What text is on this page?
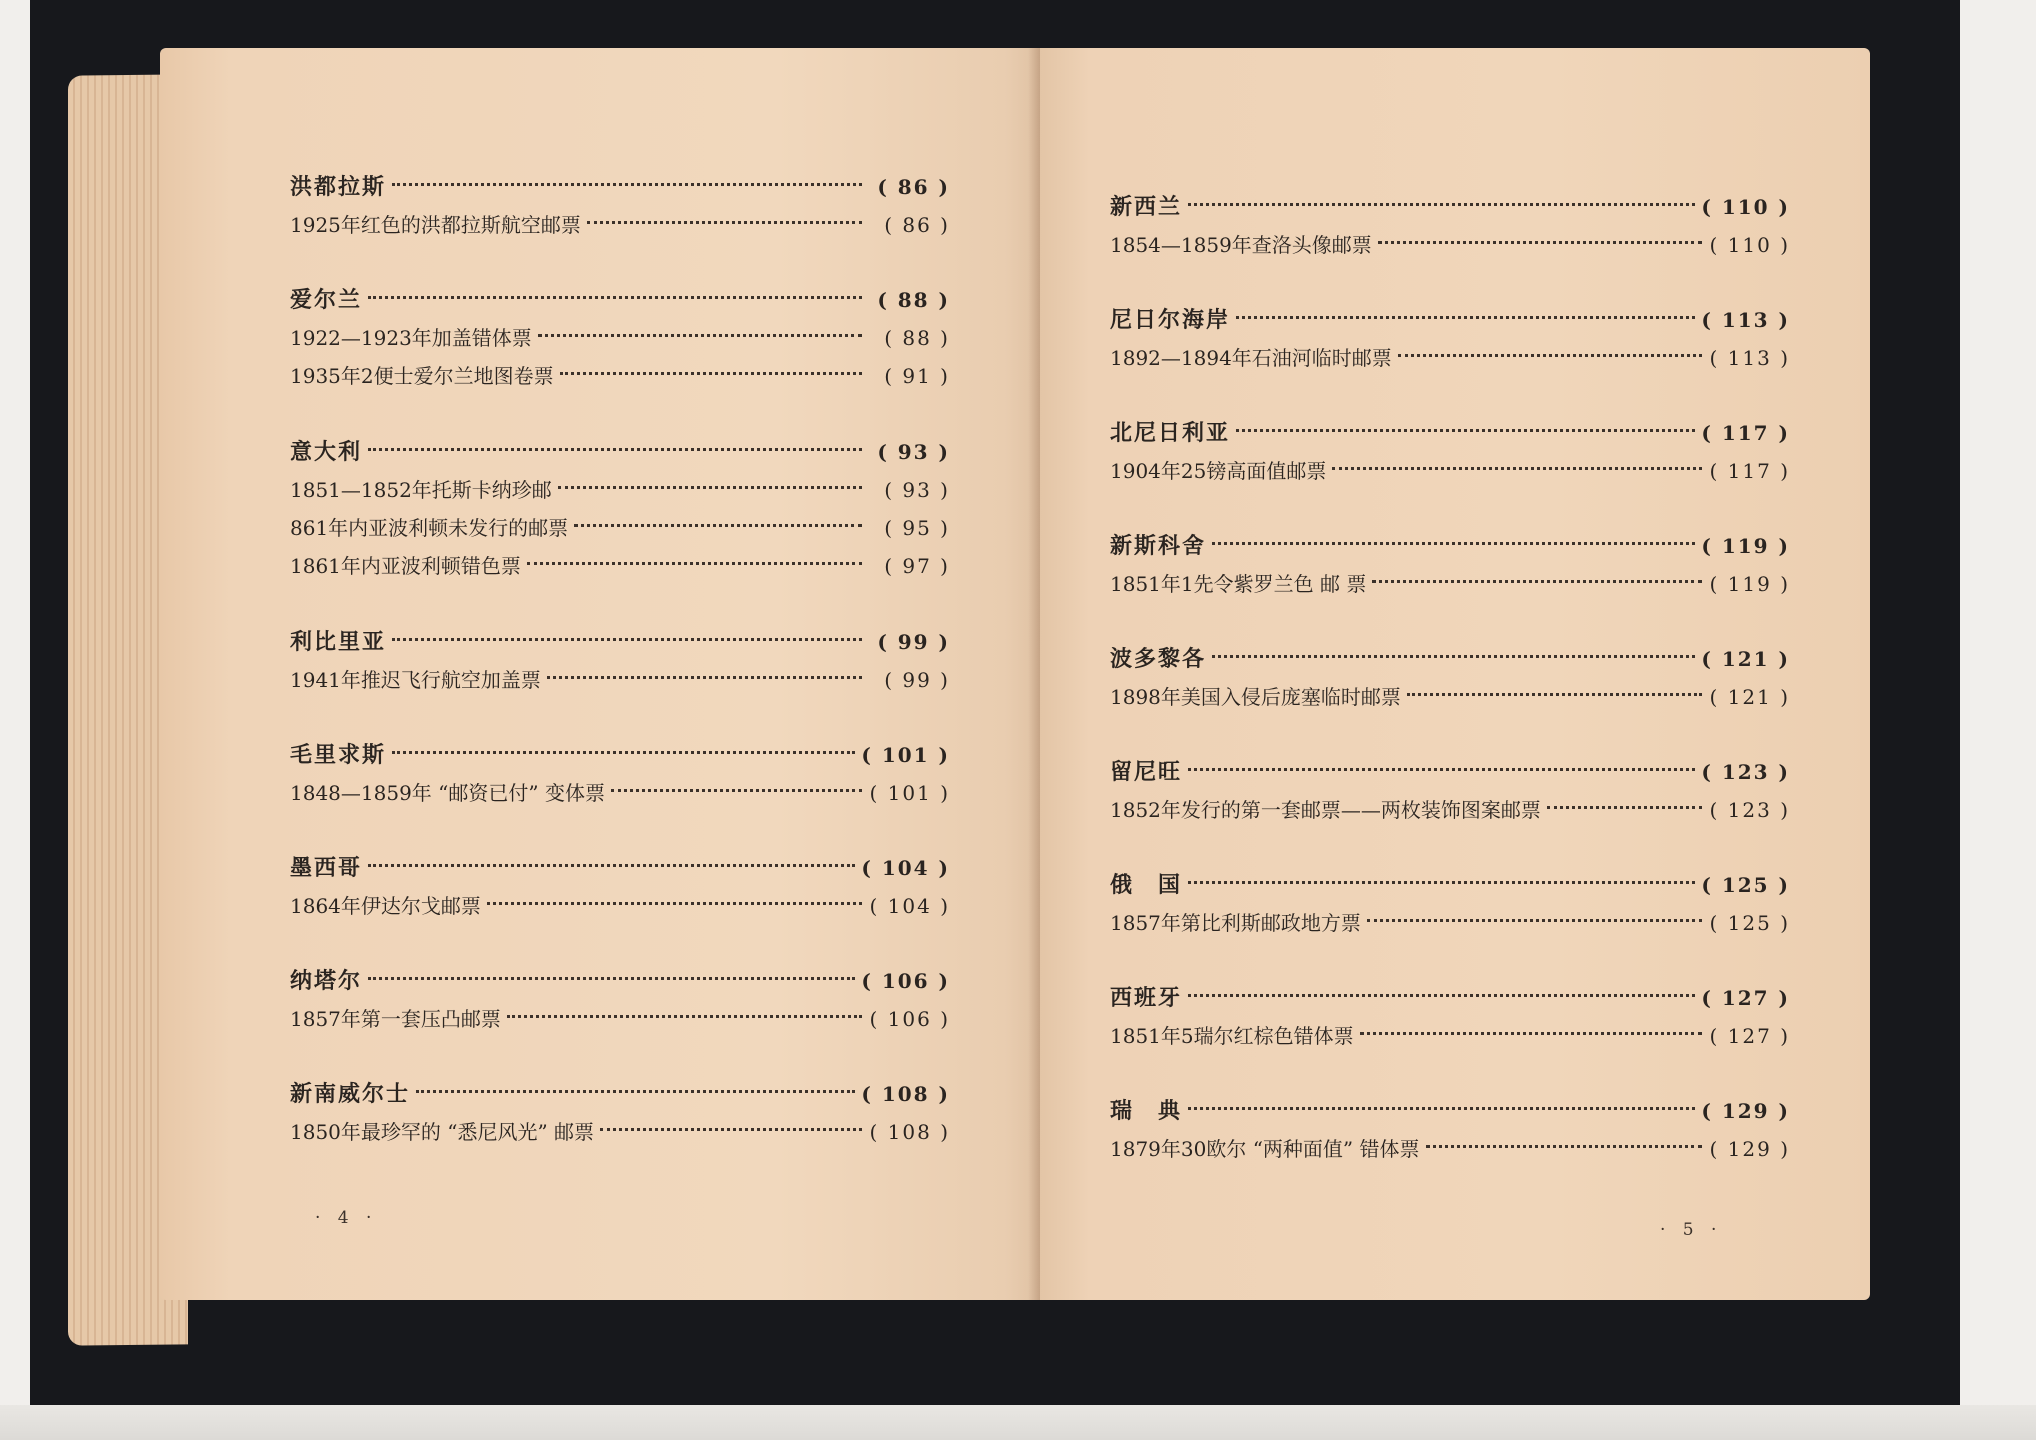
洪都拉斯	( 86 )
1925年红色的洪都拉斯航空邮票	( 86 )
爱尔兰	( 88 )
1922—1923年加盖错体票	( 88 )
1935年2便士爱尔兰地图卷票	( 91 )
意大利	( 93 )
1851—1852年托斯卡纳珍邮	( 93 )
861年内亚波利顿未发行的邮票	( 95 )
1861年内亚波利顿错色票	( 97 )
利比里亚	( 99 )
1941年推迟飞行航空加盖票	( 99 )
毛里求斯	( 101 )
1848—1859年 “邮资已付” 变体票	( 101 )
墨西哥	( 104 )
1864年伊达尔戈邮票	( 104 )
纳塔尔	( 106 )
1857年第一套压凸邮票	( 106 )
新南威尔士	( 108 )
1850年最珍罕的 “悉尼风光” 邮票	( 108 )
· 4 ·
新西兰	( 110 )
1854—1859年查洛头像邮票	( 110 )
尼日尔海岸	( 113 )
1892—1894年石油河临时邮票	( 113 )
北尼日利亚	( 117 )
1904年25镑高面值邮票	( 117 )
新斯科舍	( 119 )
1851年1先令紫罗兰色 邮 票	( 119 )
波多黎各	( 121 )
1898年美国入侵后庞塞临时邮票	( 121 )
留尼旺	( 123 )
1852年发行的第一套邮票——两枚装饰图案邮票	( 123 )
俄　国	( 125 )
1857年第比利斯邮政地方票	( 125 )
西班牙	( 127 )
1851年5瑞尔红棕色错体票	( 127 )
瑞　典	( 129 )
1879年30欧尔 “两种面值” 错体票	( 129 )
· 5 ·
